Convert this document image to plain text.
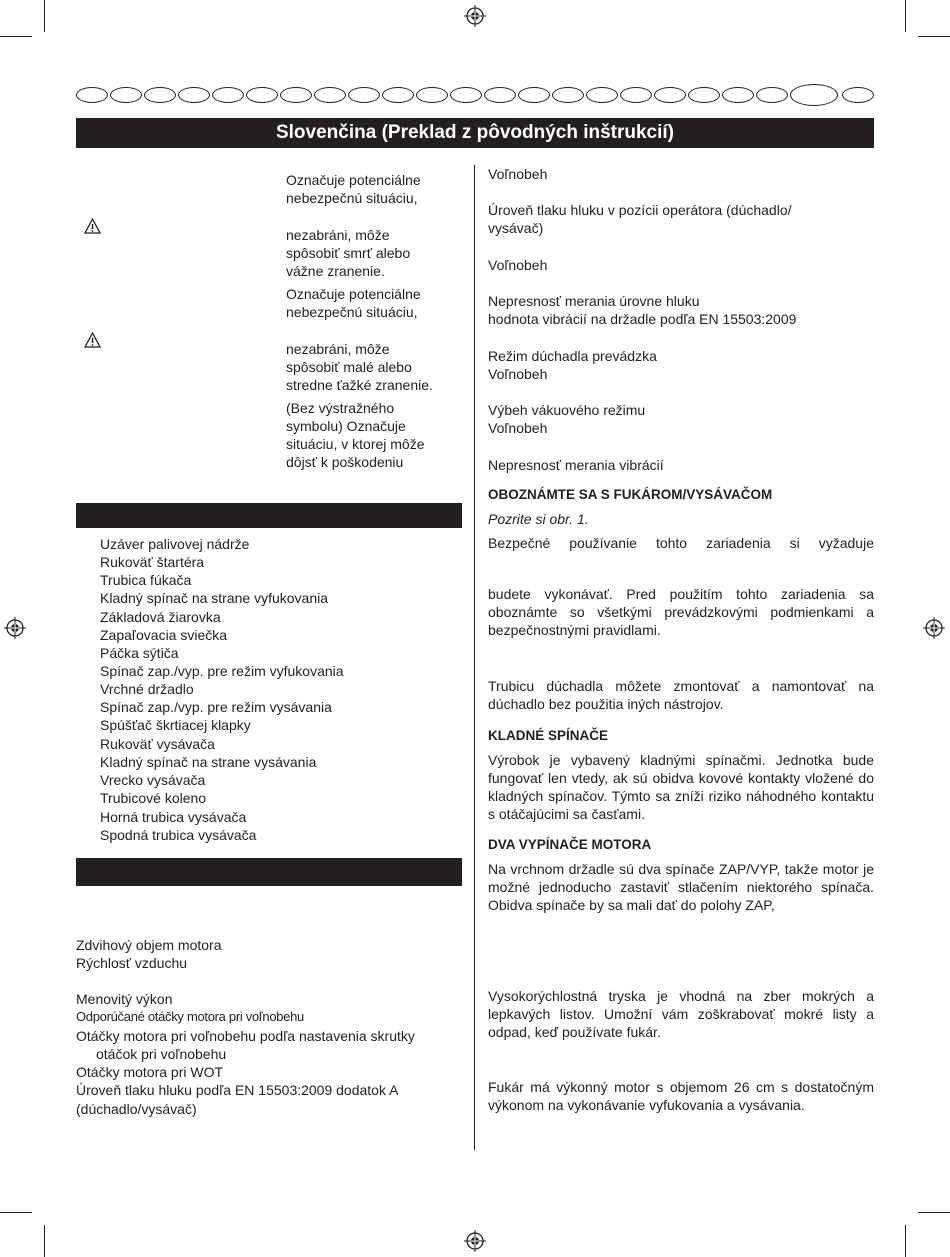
Slovenčina (Preklad z pôvodných inštrukcií)
Označuje potenciálne
nebezpečnú situáciu,
nezabráni, môže
spôsobiť smrť alebo
vážne zranenie.
Označuje potenciálne
nebezpečnú situáciu,
nezabráni, môže
spôsobiť malé alebo
stredne ťažké zranenie.
(Bez výstražného
symbolu) Označuje
situáciu, v ktorej môže
dôjsť k poškodeniu
Uzáver palivovej nádrže
Rukoväť štartéra
Trubica fúkača
Kladný spínač na strane vyfukovania
Základová žiarovka
Zapaľovacia sviečka
Páčka sýtiča
Spínač zap./vyp. pre režim vyfukovania
Vrchné držadlo
Spínač zap./vyp. pre režim vysávania
Spúšťač škrtiacej klapky
Rukoväť vysávača
Kladný spínač na strane vysávania
Vrecko vysávača
Trubicové koleno
Horná trubica vysávača
Spodná trubica vysávača
Zdvihový objem motora
Rýchlosť vzduchu
Menovitý výkon
Odporúčané otáčky motora pri voľnobehu
Otáčky motora pri voľnobehu podľa nastavenia skrutky
otáčok pri voľnobehu
Otáčky motora pri WOT
Úroveň tlaku hluku podľa EN 15503:2009 dodatok A
(dúchadlo/vysávač)
Voľnobeh
Úroveň tlaku hluku v pozícii operátora (dúchadlo/
vysávač)
Voľnobeh
Nepresnosť merania úrovne hluku
hodnota vibrácií na držadle podľa EN 15503:2009
Režim dúchadla prevádzka
Voľnobeh
Výbeh vákuového režimu
Voľnobeh
Nepresnosť merania vibrácií
OBOZNÁMTE SA S FUKÁROM/VYSÁVAČOM
Pozrite si obr. 1.
Bezpečné používanie tohto zariadenia si vyžaduje
budete vykonávať. Pred použitím tohto zariadenia sa oboznámte so všetkými prevádzkovými podmienkami a bezpečnostnými pravidlami.
Trubicu dúchadla môžete zmontovať a namontovať na dúchadlo bez použitia iných nástrojov.
KLADNÉ SPÍNAČE
Výrobok je vybavený kladnými spínačmi. Jednotka bude fungovať len vtedy, ak sú obidva kovové kontakty vložené do kladných spínačov. Týmto sa zníži riziko náhodného kontaktu s otáčajúcimi sa časťami.
DVA VYPÍNAČE MOTORA
Na vrchnom držadle sú dva spínače ZAP/VYP, takže motor je možné jednoducho zastaviť stlačením niektorého spínača. Obidva spínače by sa mali dať do polohy ZAP,
Vysokorýchlostná tryska je vhodná na zber mokrých a lepkavých listov. Umožní vám zoškrabovať mokré listy a odpad, keď používate fukár.
Fukár má výkonný motor s objemom 26 cm s dostatočným výkonom na vykonávanie vyfukovania a vysávania.
